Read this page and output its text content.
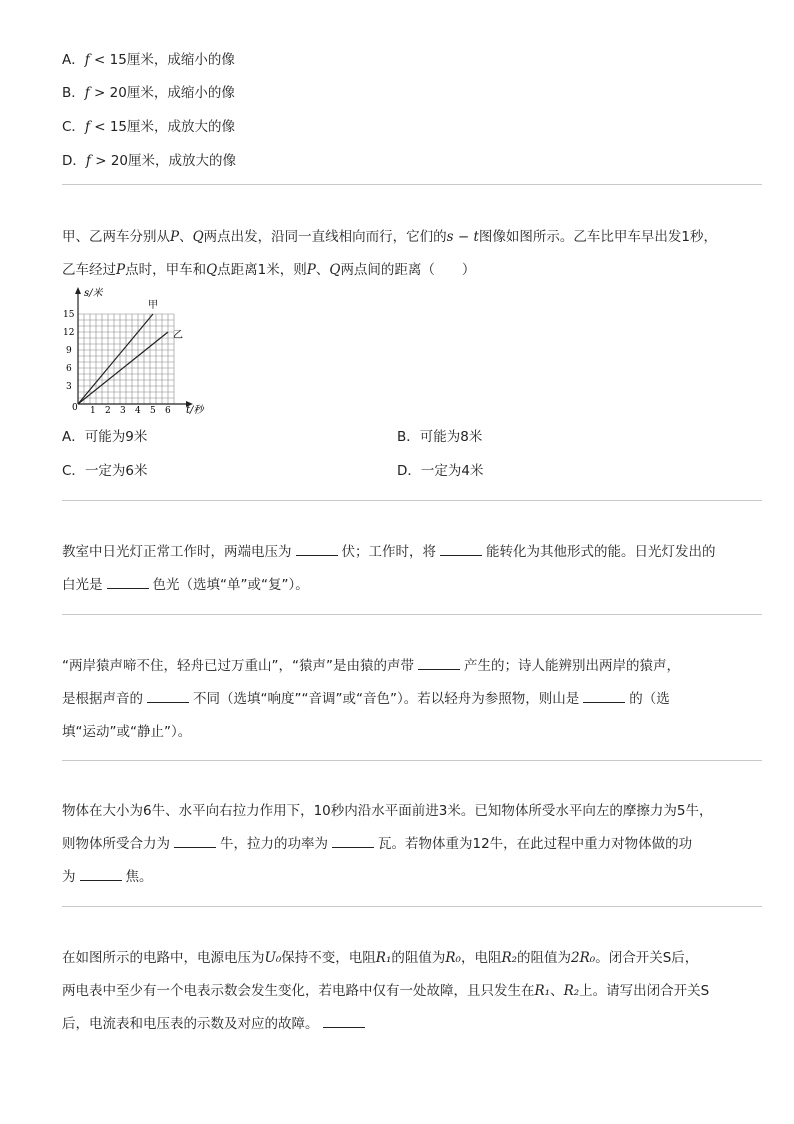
A．f < 15厘米，成缩小的像
B．f > 20厘米，成缩小的像
C．f < 15厘米，成放大的像
D．f > 20厘米，成放大的像
甲、乙两车分别从P、Q两点出发，沿同一直线相向而行，它们的s − t图像如图所示。乙车比甲车早出发1秒，
乙车经过P点时，甲车和Q点距离1米，则P、Q两点间的距离（　　）
s/米
t/秒
0
3
6
9
12
15
1 2 3 4 5 6
甲
乙
A．可能为9米	B．可能为8米
C．一定为6米	D．一定为4米
教室中日光灯正常工作时，两端电压为	伏；工作时，将	能转化为其他形式的能。日光灯发出的
白光是	色光（选填“单”或“复”）。
“两岸猿声啼不住，轻舟已过万重山”，“猿声”是由猿的声带	产生的；诗人能辨别出两岸的猿声，
是根据声音的	不同（选填“响度”“音调”或“音色”）。若以轻舟为参照物，则山是	的（选
填“运动”或“静止”）。
物体在大小为6牛、水平向右拉力作用下，10秒内沿水平面前进3米。已知物体所受水平向左的摩擦力为5牛，
则物体所受合力为	牛，拉力的功率为	瓦。若物体重为12牛，在此过程中重力对物体做的功
为	焦。
在如图所示的电路中，电源电压为U₀保持不变，电阻R₁的阻值为R₀，电阻R₂的阻值为2R₀。闭合开关S后，
两电表中至少有一个电表示数会发生变化，若电路中仅有一处故障，且只发生在R₁、R₂上。请写出闭合开关S
后，电流表和电压表的示数及对应的故障。
